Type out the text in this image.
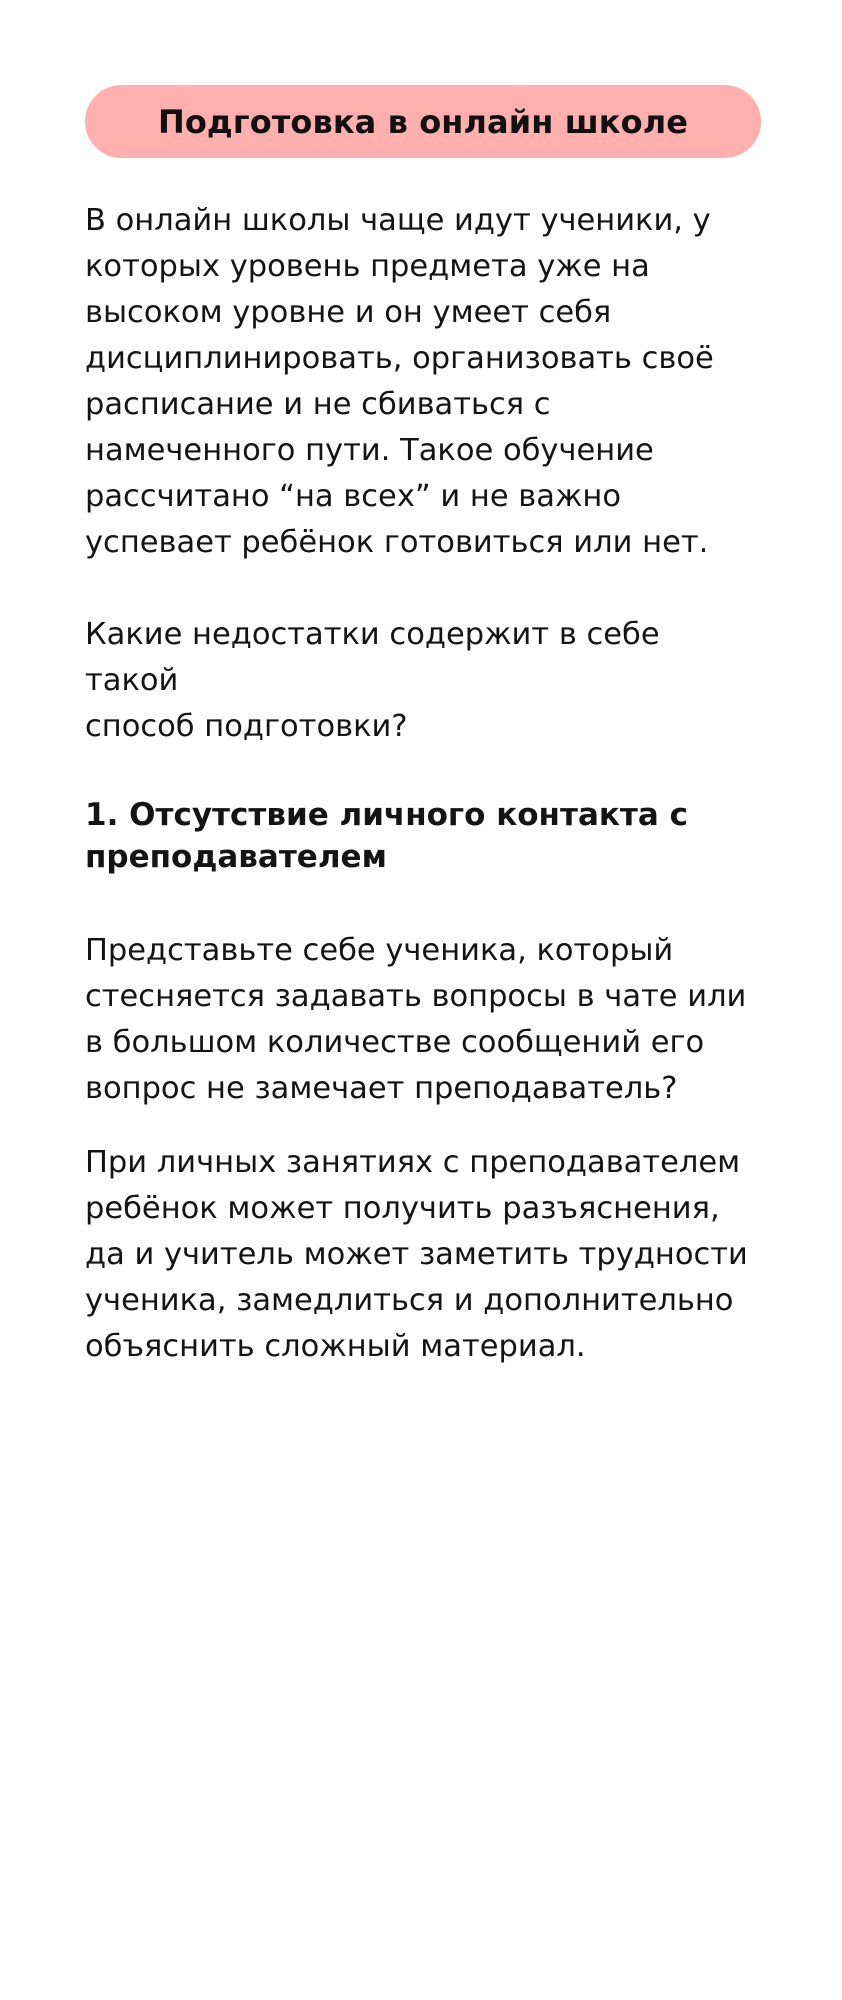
Подготовка в онлайн школе

В онлайн школы чаще идут ученики, у
которых уровень предмета уже на
высоком уровне и он умеет себя
дисциплинировать, организовать своё
расписание и не сбиваться с
намеченного пути. Такое обучение
рассчитано “на всех” и не важно
успевает ребёнок готовиться или нет.

Какие недостатки содержит в себе такой
способ подготовки?

1. Отсутствие личного контакта с
преподавателем

Представьте себе ученика, который
стесняется задавать вопросы в чате или
в большом количестве сообщений его
вопрос не замечает преподаватель?

При личных занятиях с преподавателем
ребёнок может получить разъяснения,
да и учитель может заметить трудности
ученика, замедлиться и дополнительно
объяснить сложный материал.
